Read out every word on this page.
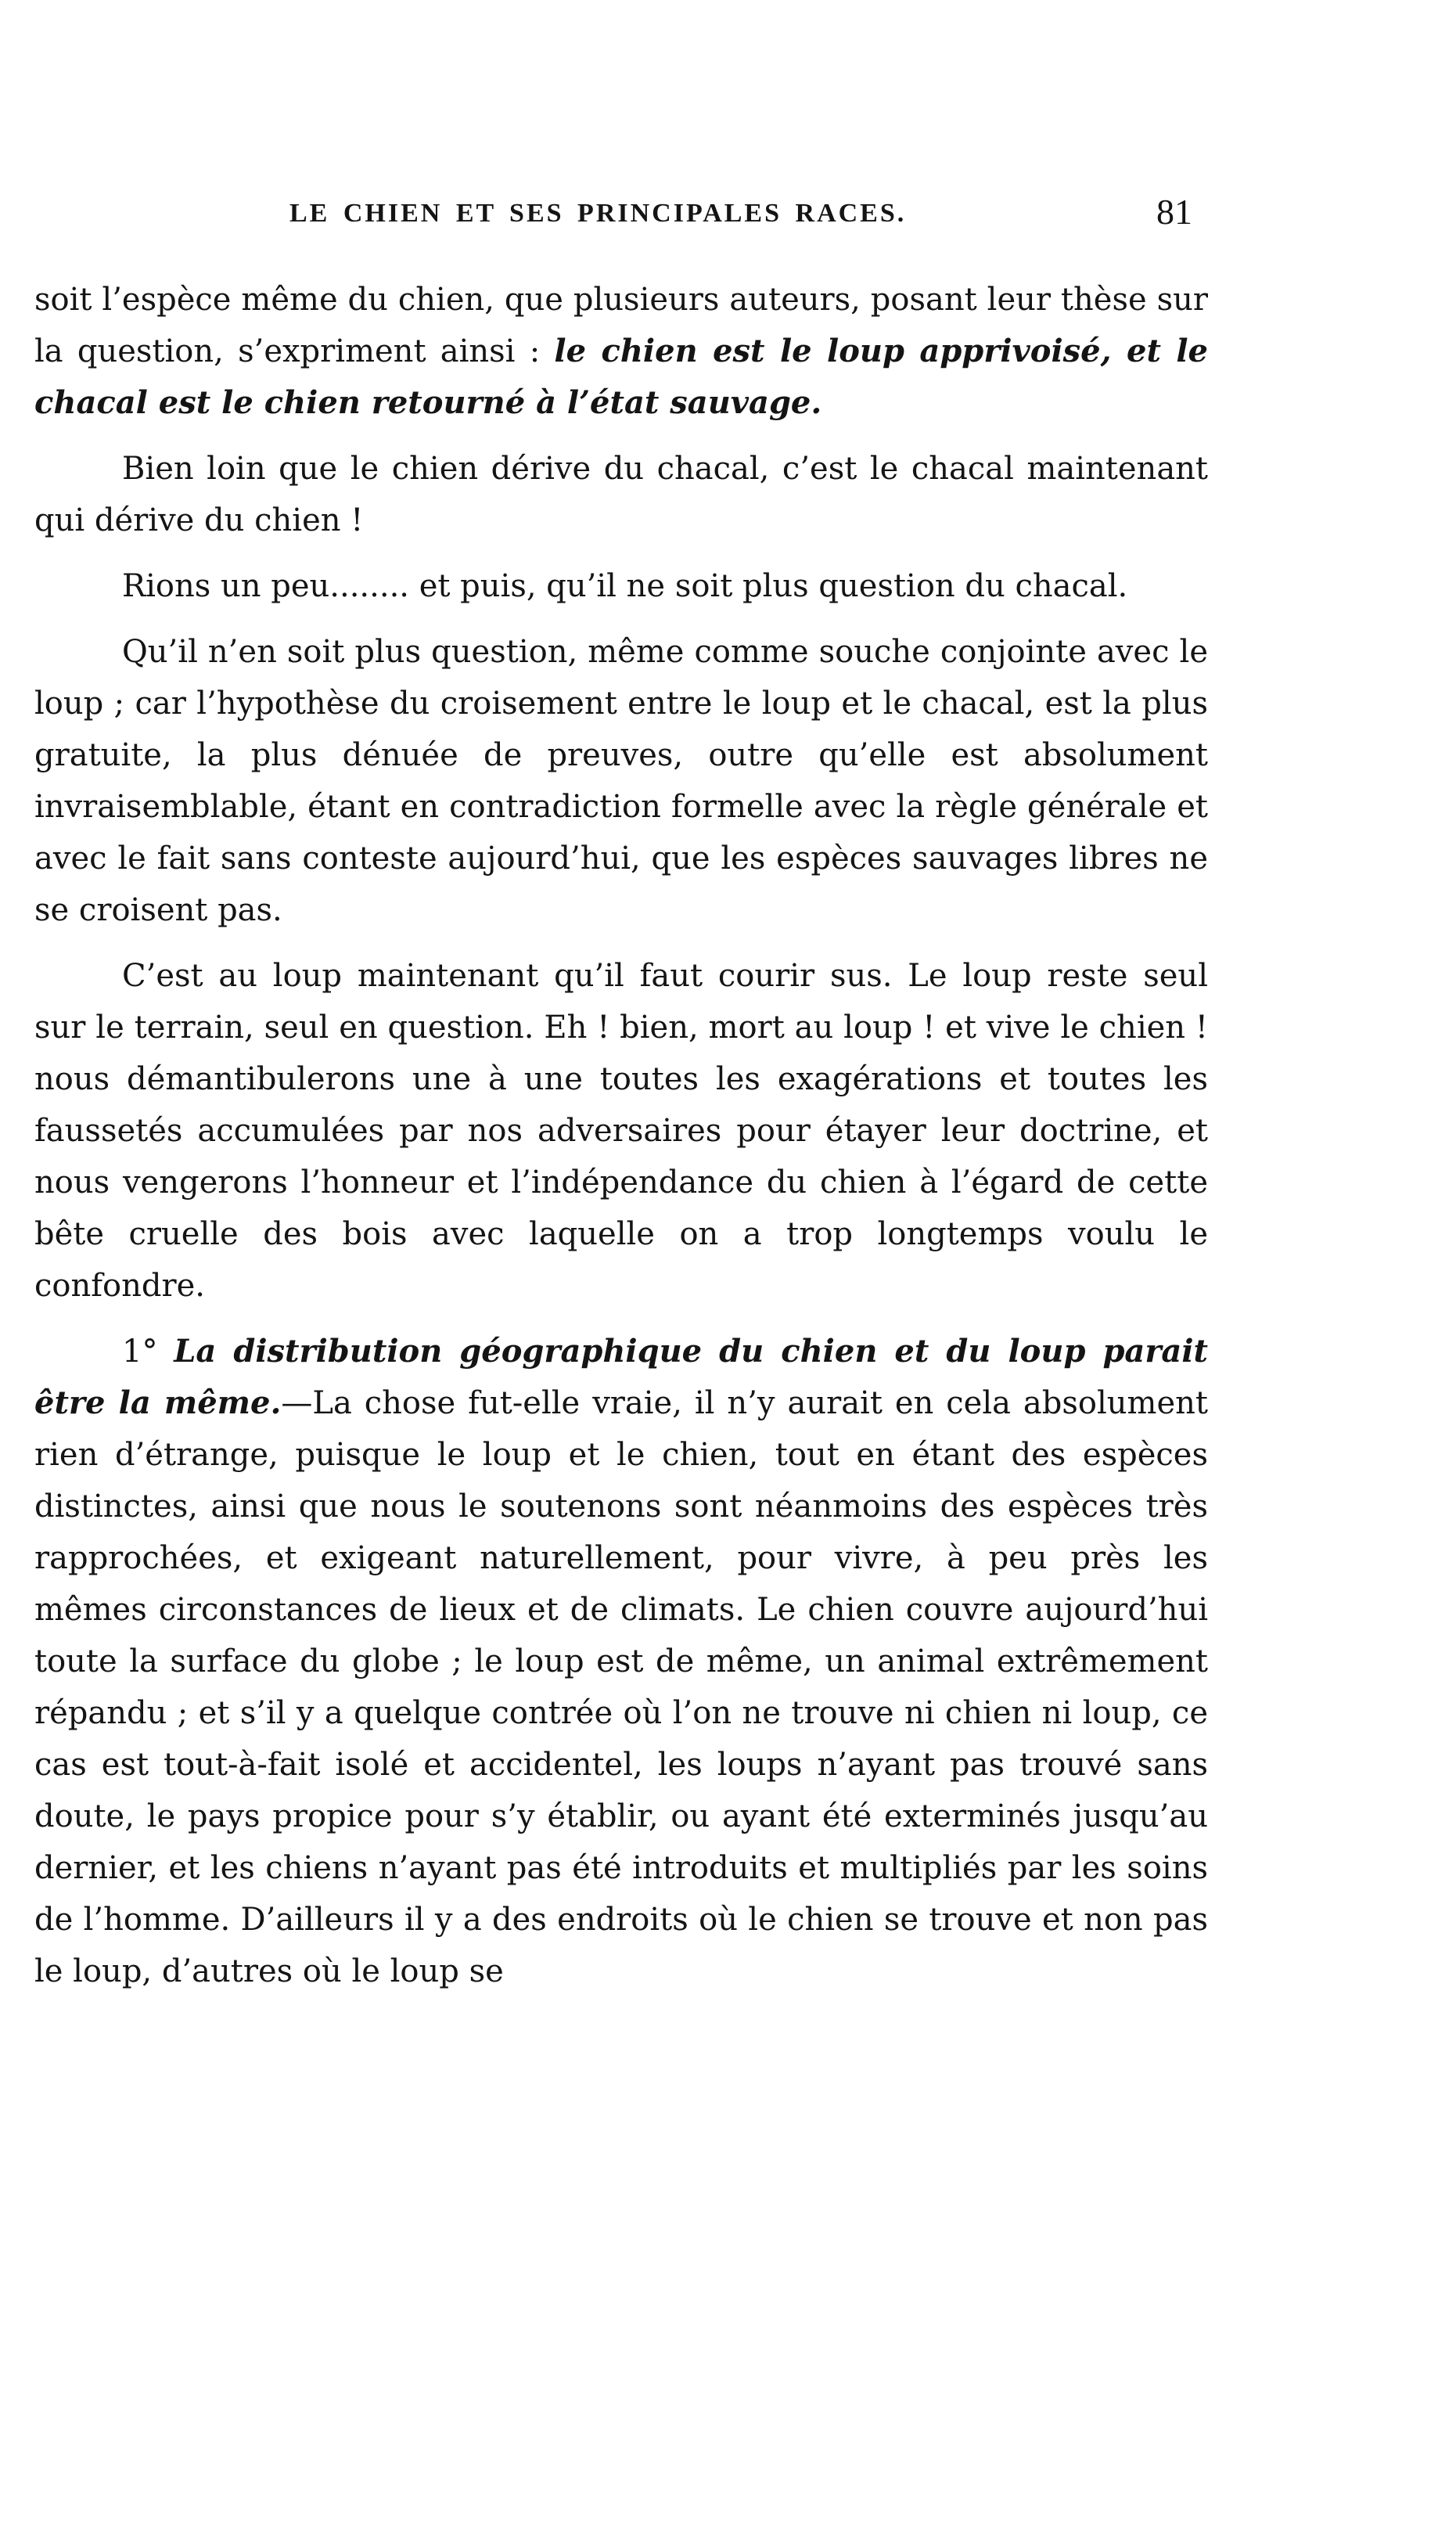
LE CHIEN ET SES PRINCIPALES RACES.	81

soit l’espèce même du chien, que plusieurs auteurs, posant leur thèse sur la question, s’expriment ainsi : le chien est le loup apprivoisé, et le chacal est le chien retourné à l’état sauvage.

Bien loin que le chien dérive du chacal, c’est le chacal maintenant qui dérive du chien !

Rions un peu........ et puis, qu’il ne soit plus question du chacal.

Qu’il n’en soit plus question, même comme souche conjointe avec le loup ; car l’hypothèse du croisement entre le loup et le chacal, est la plus gratuite, la plus dénuée de preuves, outre qu’elle est absolument invraisemblable, étant en contradiction formelle avec la règle générale et avec le fait sans conteste aujourd’hui, que les espèces sauvages libres ne se croisent pas.

C’est au loup maintenant qu’il faut courir sus. Le loup reste seul sur le terrain, seul en question. Eh ! bien, mort au loup ! et vive le chien ! nous démantibulerons une à une toutes les exagérations et toutes les faussetés accumulées par nos adversaires pour étayer leur doctrine, et nous vengerons l’honneur et l’indépendance du chien à l’égard de cette bête cruelle des bois avec laquelle on a trop longtemps voulu le confondre.

1° La distribution géographique du chien et du loup parait être la même.—La chose fut-elle vraie, il n’y aurait en cela absolument rien d’étrange, puisque le loup et le chien, tout en étant des espèces distinctes, ainsi que nous le soutenons sont néanmoins des espèces très rapprochées, et exigeant naturellement, pour vivre, à peu près les mêmes circonstances de lieux et de climats. Le chien couvre aujourd’hui toute la surface du globe ; le loup est de même, un animal extrêmement répandu ; et s’il y a quelque contrée où l’on ne trouve ni chien ni loup, ce cas est tout-à-fait isolé et accidentel, les loups n’ayant pas trouvé sans doute, le pays propice pour s’y établir, ou ayant été exterminés jusqu’au dernier, et les chiens n’ayant pas été introduits et multipliés par les soins de l’homme. D’ailleurs il y a des endroits où le chien se trouve et non pas le loup, d’autres où le loup se
